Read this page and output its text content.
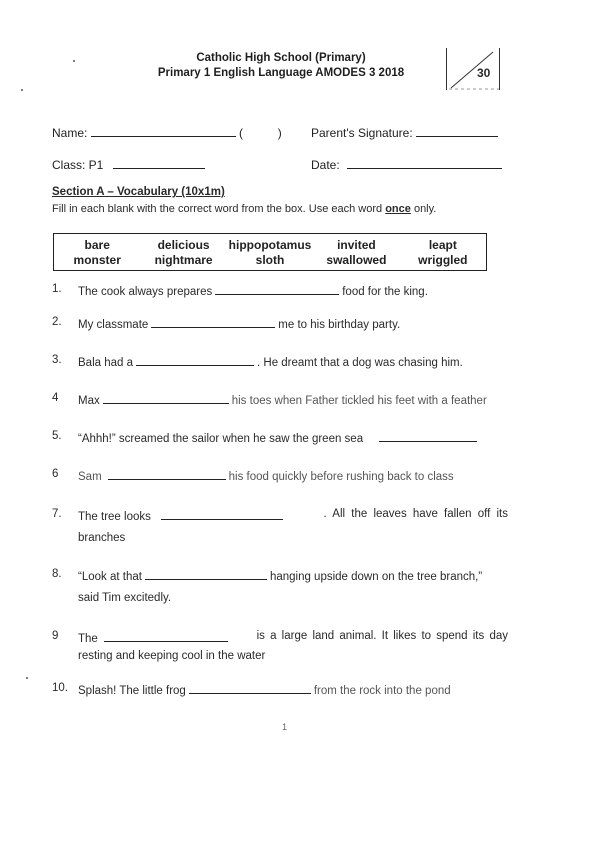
Catholic High School (Primary)
Primary 1 English Language AMODES 3 2018	30
Name:	(	) Parent's Signature:
Class: P1	Date:
Section A – Vocabulary (10x1m)
Fill in each blank with the correct word from the box. Use each word once only.
bare	delicious	hippopotamus	invited	leapt
monster	nightmare	sloth	swallowed	wriggled
1. The cook always prepares	food for the king.
2. My classmate	me to his birthday party.
3. Bala had a	. He dreamt that a dog was chasing him.
4 Max	his toes when Father tickled his feet with a feather
5. “Ahhh!” screamed the sailor when he saw the green sea
6 Sam	his food quickly before rushing back to class
7. The tree looks	. All the leaves have fallen off its
branches
8. “Look at that	hanging upside down on the tree branch,”
said Tim excitedly.
9 The	is a large land animal. It likes to spend its day
resting and keeping cool in the water
10. Splash! The little frog	from the rock into the pond
1
